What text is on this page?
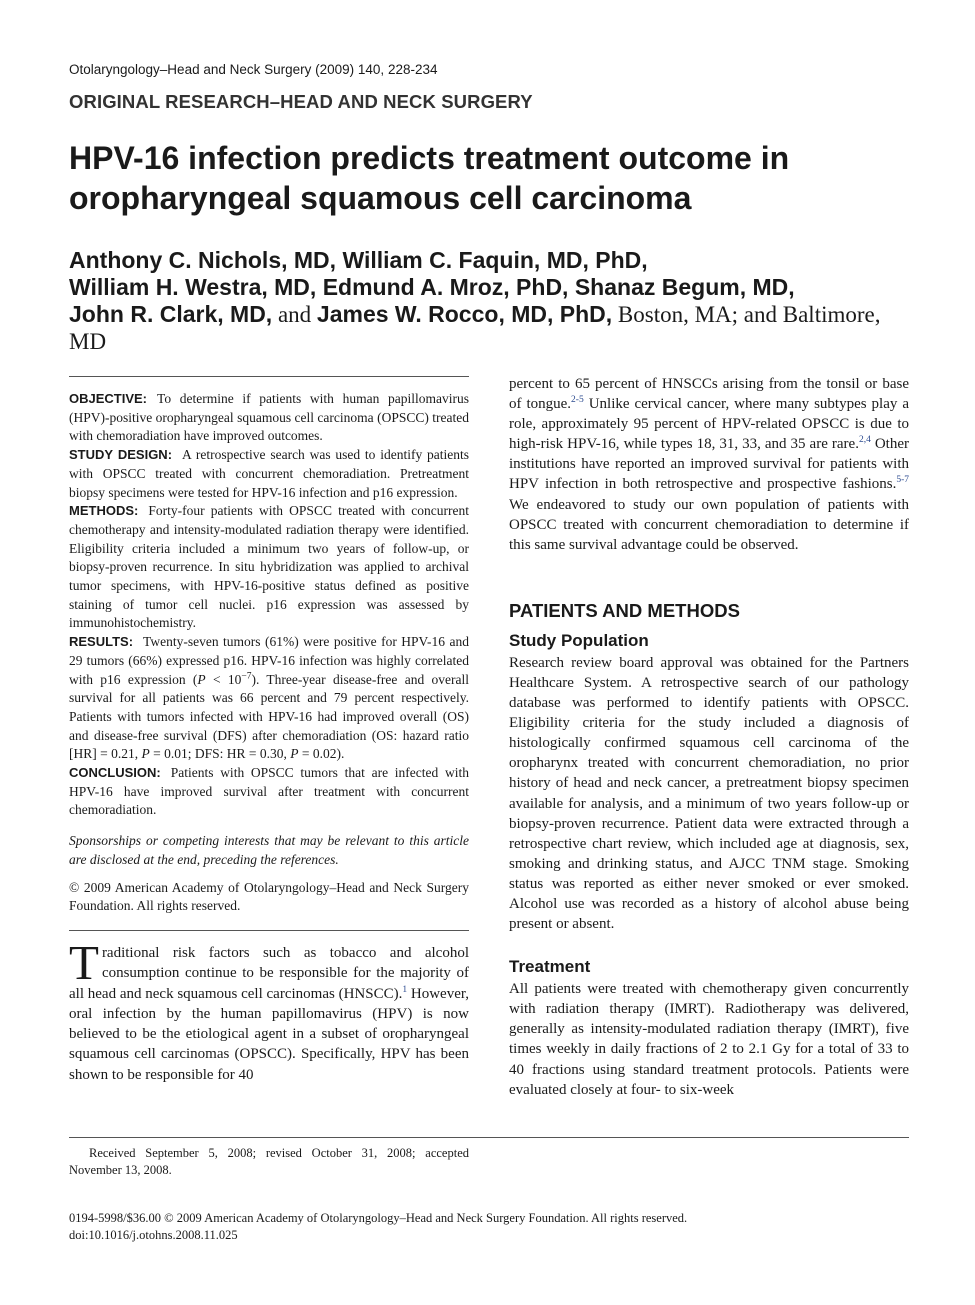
Otolaryngology–Head and Neck Surgery (2009) 140, 228-234
ORIGINAL RESEARCH–HEAD AND NECK SURGERY
HPV-16 infection predicts treatment outcome in
oropharyngeal squamous cell carcinoma
Anthony C. Nichols, MD, William C. Faquin, MD, PhD,
William H. Westra, MD, Edmund A. Mroz, PhD, Shanaz Begum, MD,
John R. Clark, MD, and James W. Rocco, MD, PhD, Boston, MA; and Baltimore, MD

OBJECTIVE: To determine if patients with human papillomavirus (HPV)-positive oropharyngeal squamous cell carcinoma (OPSCC) treated with chemoradiation have improved outcomes.

STUDY DESIGN: A retrospective search was used to identify patients with OPSCC treated with concurrent chemoradiation. Pretreatment biopsy specimens were tested for HPV-16 infection and p16 expression.

METHODS: Forty-four patients with OPSCC treated with concurrent chemotherapy and intensity-modulated radiation therapy were identified. Eligibility criteria included a minimum two years of follow-up, or biopsy-proven recurrence. In situ hybridization was applied to archival tumor specimens, with HPV-16-positive status defined as positive staining of tumor cell nuclei. p16 expression was assessed by immunohistochemistry.

RESULTS: Twenty-seven tumors (61%) were positive for HPV-16 and 29 tumors (66%) expressed p16. HPV-16 infection was highly correlated with p16 expression $(P < 10^{-7})$. Three-year disease-free and overall survival for all patients was 66 percent and 79 percent respectively. Patients with tumors infected with HPV-16 had improved overall (OS) and disease-free survival (DFS) after chemoradiation (OS: hazard ratio [HR] = 0.21, P = 0.01; DFS: HR = 0.30, P = 0.02).

CONCLUSION: Patients with OPSCC tumors that are infected with HPV-16 have improved survival after treatment with concurrent chemoradiation.

Sponsorships or competing interests that may be relevant to this article are disclosed at the end, preceding the references.

© 2009 American Academy of Otolaryngology–Head and Neck Surgery Foundation. All rights reserved.

Traditional risk factors such as tobacco and alcohol consumption continue to be responsible for the majority of all head and neck squamous cell carcinomas (HNSCC).$^1$ However, oral infection by the human papillomavirus (HPV) is now believed to be the etiological agent in a subset of oropharyngeal squamous cell carcinomas (OPSCC). Specifically, HPV has been shown to be responsible for 40

percent to 65 percent of HNSCCs arising from the tonsil or base of tongue.$^{2-5}$ Unlike cervical cancer, where many subtypes play a role, approximately 95 percent of HPV-related OPSCC is due to high-risk HPV-16, while types 18, 31, 33, and 35 are rare.$^{2,4}$ Other institutions have reported an improved survival for patients with HPV infection in both retrospective and prospective fashions.$^{5-7}$ We endeavored to study our own population of patients with OPSCC treated with concurrent chemoradiation to determine if this same survival advantage could be observed.

PATIENTS AND METHODS
Study Population

Research review board approval was obtained for the Partners Healthcare System. A retrospective search of our pathology database was performed to identify patients with OPSCC. Eligibility criteria for the study included a diagnosis of histologically confirmed squamous cell carcinoma of the oropharynx treated with concurrent chemoradiation, no prior history of head and neck cancer, a pretreatment biopsy specimen available for analysis, and a minimum of two years follow-up or biopsy-proven recurrence. Patient data were extracted through a retrospective chart review, which included age at diagnosis, sex, smoking and drinking status, and AJCC TNM stage. Smoking status was reported as either never smoked or ever smoked. Alcohol use was recorded as a history of alcohol abuse being present or absent.

Treatment

All patients were treated with chemotherapy given concurrently with radiation therapy (IMRT). Radiotherapy was delivered, generally as intensity-modulated radiation therapy (IMRT), five times weekly in daily fractions of 2 to 2.1 Gy for a total of 33 to 40 fractions using standard treatment protocols. Patients were evaluated closely at four- to six-week

Received September 5, 2008; revised October 31, 2008; accepted November 13, 2008.
0194-5998/$36.00 © 2009 American Academy of Otolaryngology–Head and Neck Surgery Foundation. All rights reserved.
doi:10.1016/j.otohns.2008.11.025
